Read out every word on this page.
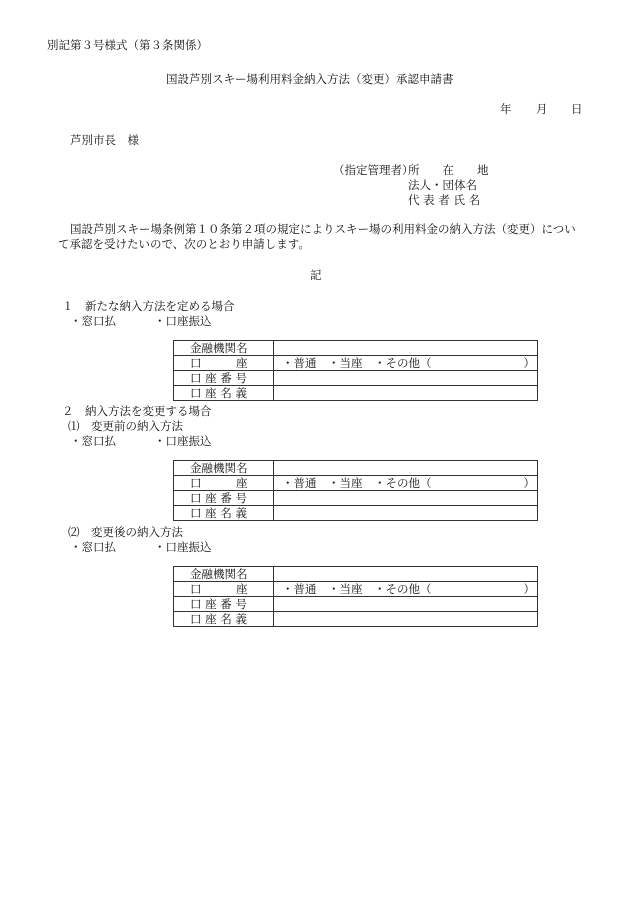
別記第３号様式（第３条関係）
国設芦別スキー場利用料金納入方法（変更）承認申請書
年 月 日
芦別市長　様
（指定管理者）
所　　在　　地
法人・団体名
代 表 者 氏 名
国設芦別スキー場条例第１０条第２項の規定によりスキー場の利用料金の納入方法（変更）につい
て承認を受けたいので、次のとおり申請します。
記
１　新たな納入方法を定める場合
・窓口払	・口座振込
金融機関名	
口　　　座	・普通　・当座　・その他（　　　　　　　　）
口 座 番 号	
口 座 名 義	
２　納入方法を変更する場合
⑴　変更前の納入方法
・窓口払	・口座振込
金融機関名	
口　　　座	・普通　・当座　・その他（　　　　　　　　）
口 座 番 号	
口 座 名 義	
⑵　変更後の納入方法
・窓口払	・口座振込
金融機関名	
口　　　座	・普通　・当座　・その他（　　　　　　　　）
口 座 番 号	
口 座 名 義	
